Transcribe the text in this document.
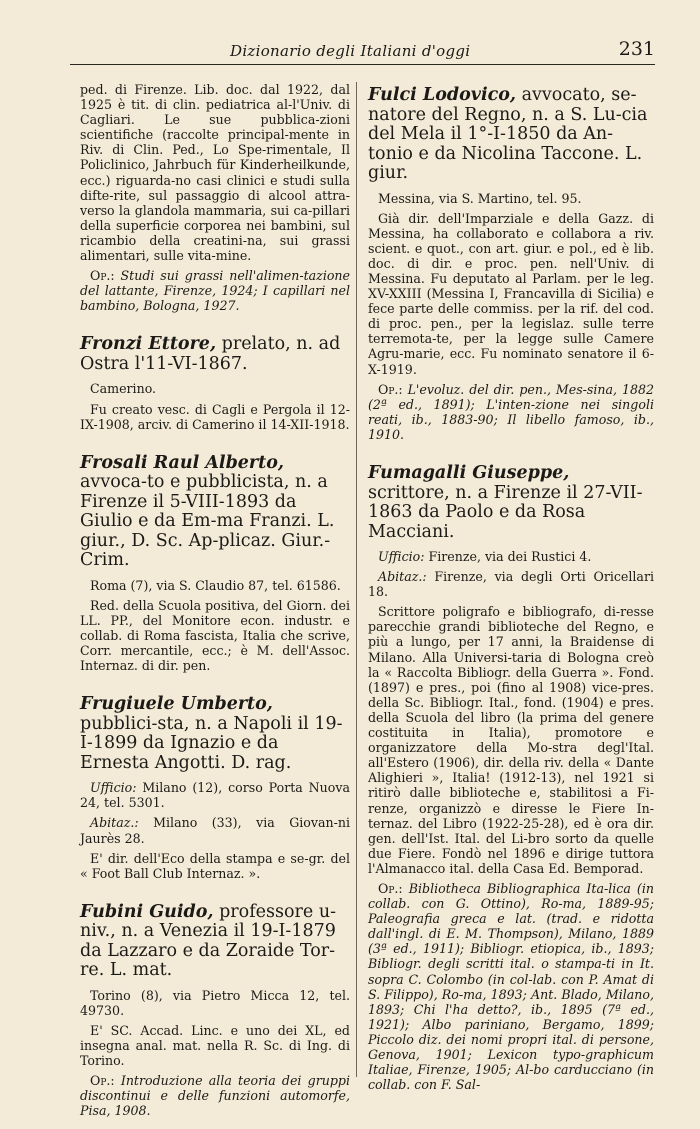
Dizionario degli Italiani d'oggi	231

ped. di Firenze. Lib. doc. dal 1922, dal 1925 è tit. di clin. pediatrica al-l'Univ. di Cagliari. Le sue pubblica-zioni scientifiche (raccolte principal-mente in Riv. di Clin. Ped., Lo Spe-rimentale, Il Policlinico, Jahrbuch für Kinderheilkunde, ecc.) riguarda-no casi clinici e studi sulla difte-rite, sul passaggio di alcool attra-verso la glandola mammaria, sui ca-pillari della superficie corporea nei bambini, sul ricambio della creatini-na, sui grassi alimentari, sulle vita-mine.

Op.: Studi sui grassi nell'alimen-tazione del lattante, Firenze, 1924; I capillari nel bambino, Bologna, 1927.

Fronzi Ettore, prelato, n. ad Ostra l'11-VI-1867.

Camerino.

Fu creato vesc. di Cagli e Pergola il 12-IX-1908, arciv. di Camerino il 14-XII-1918.

Frosali Raul Alberto, avvoca-to e pubblicista, n. a Firenze il 5-VIII-1893 da Giulio e da Em-ma Franzi. L. giur., D. Sc. Ap-plicaz. Giur.-Crim.

Roma (7), via S. Claudio 87, tel. 61586.

Red. della Scuola positiva, del Giorn. dei LL. PP., del Monitore econ. industr. e collab. di Roma fascista, Italia che scrive, Corr. mercantile, ecc.; è M. dell'Assoc. Internaz. di dir. pen.

Frugiuele Umberto, pubblici-sta, n. a Napoli il 19-I-1899 da Ignazio e da Ernesta Angotti. D. rag.

Ufficio: Milano (12), corso Porta Nuova 24, tel. 5301.

Abitaz.: Milano (33), via Giovan-ni Jaurès 28.

E' dir. dell'Eco della stampa e se-gr. del « Foot Ball Club Internaz. ».

Fubini Guido, professore u-niv., n. a Venezia il 19-I-1879 da Lazzaro e da Zoraide Tor-re. L. mat.

Torino (8), via Pietro Micca 12, tel. 49730.

E' SC. Accad. Linc. e uno dei XL, ed insegna anal. mat. nella R. Sc. di Ing. di Torino.

Op.: Introduzione alla teoria dei gruppi discontinui e delle funzioni automorfe, Pisa, 1908.

Fulci Lodovico, avvocato, se-natore del Regno, n. a S. Lu-cia del Mela il 1°-I-1850 da An-tonio e da Nicolina Taccone. L. giur.

Messina, via S. Martino, tel. 95.

Già dir. dell'Imparziale e della Gazz. di Messina, ha collaborato e collabora a riv. scient. e quot., con art. giur. e pol., ed è lib. doc. di dir. e proc. pen. nell'Univ. di Messina. Fu deputato al Parlam. per le leg. XV-XXIII (Messina I, Francavilla di Sicilia) e fece parte delle commiss. per la rif. del cod. di proc. pen., per la legislaz. sulle terre terremota-te, per la legge sulle Camere Agru-marie, ecc. Fu nominato senatore il 6-X-1919.

Op.: L'evoluz. del dir. pen., Mes-sina, 1882 (2ª ed., 1891); L'inten-zione nei singoli reati, ib., 1883-90; Il libello famoso, ib., 1910.

Fumagalli Giuseppe, scrittore, n. a Firenze il 27-VII-1863 da Paolo e da Rosa Macciani.

Ufficio: Firenze, via dei Rustici 4.

Abitaz.: Firenze, via degli Orti Oricellari 18.

Scrittore poligrafo e bibliografo, di-resse parecchie grandi biblioteche del Regno, e più a lungo, per 17 anni, la Braidense di Milano. Alla Universi-taria di Bologna creò la « Raccolta Bibliogr. della Guerra ». Fond. (1897) e pres., poi (fino al 1908) vice-pres. della Sc. Bibliogr. Ital., fond. (1904) e pres. della Scuola del libro (la prima del genere costituita in Italia), promotore e organizzatore della Mo-stra degl'Ital. all'Estero (1906), dir. della riv. della « Dante Alighieri », Italia! (1912-13), nel 1921 si ritirò dalle biblioteche e, stabilitosi a Fi-renze, organizzò e diresse le Fiere In-ternaz. del Libro (1922-25-28), ed è ora dir. gen. dell'Ist. Ital. del Li-bro sorto da quelle due Fiere. Fondò nel 1896 e dirige tuttora l'Almanacco ital. della Casa Ed. Bemporad.

Op.: Bibliotheca Bibliographica Ita-lica (in collab. con G. Ottino), Ro-ma, 1889-95; Paleografia greca e lat. (trad. e ridotta dall'ingl. di E. M. Thompson), Milano, 1889 (3ª ed., 1911); Bibliogr. etiopica, ib., 1893; Bibliogr. degli scritti ital. o stampa-ti in It. sopra C. Colombo (in col-lab. con P. Amat di S. Filippo), Ro-ma, 1893; Ant. Blado, Milano, 1893; Chi l'ha detto?, ib., 1895 (7ª ed., 1921); Albo pariniano, Bergamo, 1899; Piccolo diz. dei nomi propri ital. di persone, Genova, 1901; Lexicon typo-graphicum Italiae, Firenze, 1905; Al-bo carducciano (in collab. con F. Sal-
